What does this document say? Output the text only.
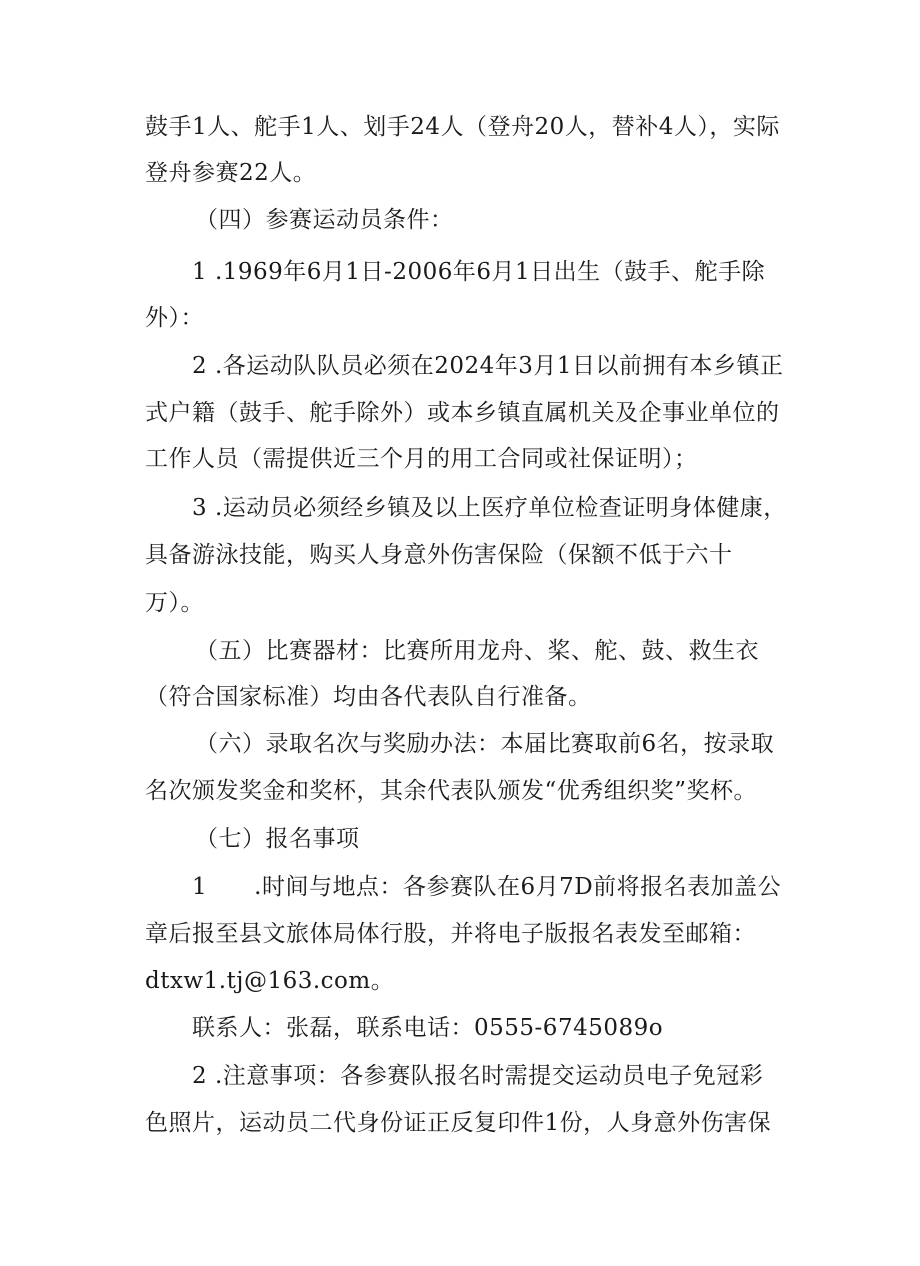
鼓手1人、舵手1人、划手24人（登舟20人，替补4人），实际
登舟参赛22人。
（四）参赛运动员条件：
1 .1969年6月1日-2006年6月1日出生（鼓手、舵手除
外）：
2 .各运动队队员必须在2024年3月1日以前拥有本乡镇正
式户籍（鼓手、舵手除外）或本乡镇直属机关及企事业单位的
工作人员（需提供近三个月的用工合同或社保证明）；
3 .运动员必须经乡镇及以上医疗单位检查证明身体健康，
具备游泳技能，购买人身意外伤害保险（保额不低于六十
万）。
（五）比赛器材：比赛所用龙舟、桨、舵、鼓、救生衣
（符合国家标准）均由各代表队自行准备。
（六）录取名次与奖励办法：本届比赛取前6名，按录取
名次颁发奖金和奖杯，其余代表队颁发“优秀组织奖”奖杯。
（七）报名事项
1　　.时间与地点：各参赛队在6月7D前将报名表加盖公
章后报至县文旅体局体行股，并将电子版报名表发至邮箱：
dtxw1.tj@163.com。
联系人：张磊，联系电话：0555-6745089o
2 .注意事项：各参赛队报名时需提交运动员电子免冠彩
色照片，运动员二代身份证正反复印件1份，人身意外伤害保
